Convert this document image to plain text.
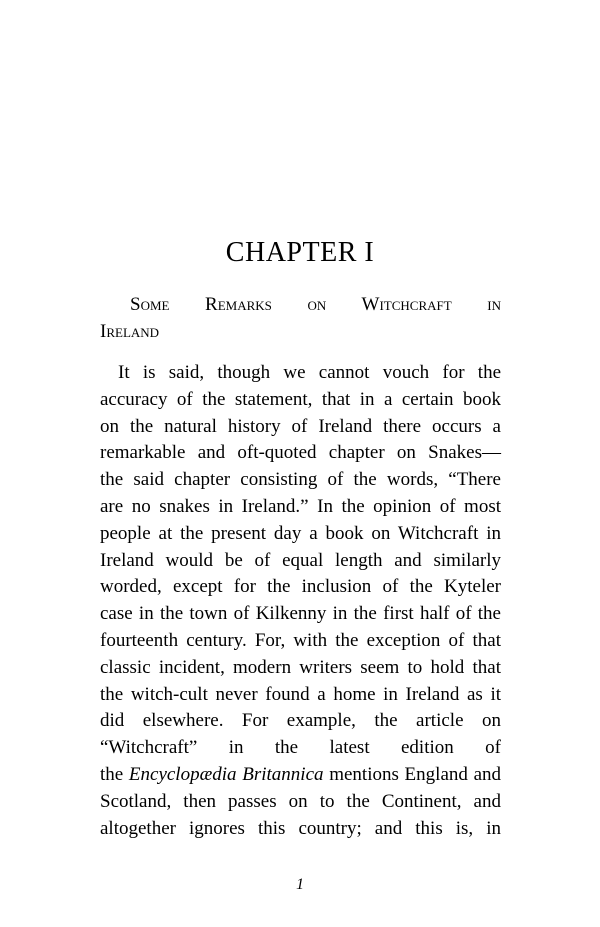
CHAPTER I
Some Remarks on Witchcraft in
Ireland
It is said, though we cannot vouch for the
accuracy of the statement, that in a certain book
on the natural history of Ireland there occurs a
remarkable and oft-quoted chapter on Snakes—
the said chapter consisting of the words, “There
are no snakes in Ireland.” In the opinion of most
people at the present day a book on Witchcraft in
Ireland would be of equal length and similarly
worded, except for the inclusion of the Kyteler
case in the town of Kilkenny in the first half of the
fourteenth century. For, with the exception of that
classic incident, modern writers seem to hold that
the witch-cult never found a home in Ireland as it
did elsewhere. For example, the article on
“Witchcraft” in the latest edition of
the Encyclopædia Britannica mentions England and
Scotland, then passes on to the Continent, and
altogether ignores this country; and this is, in
1
